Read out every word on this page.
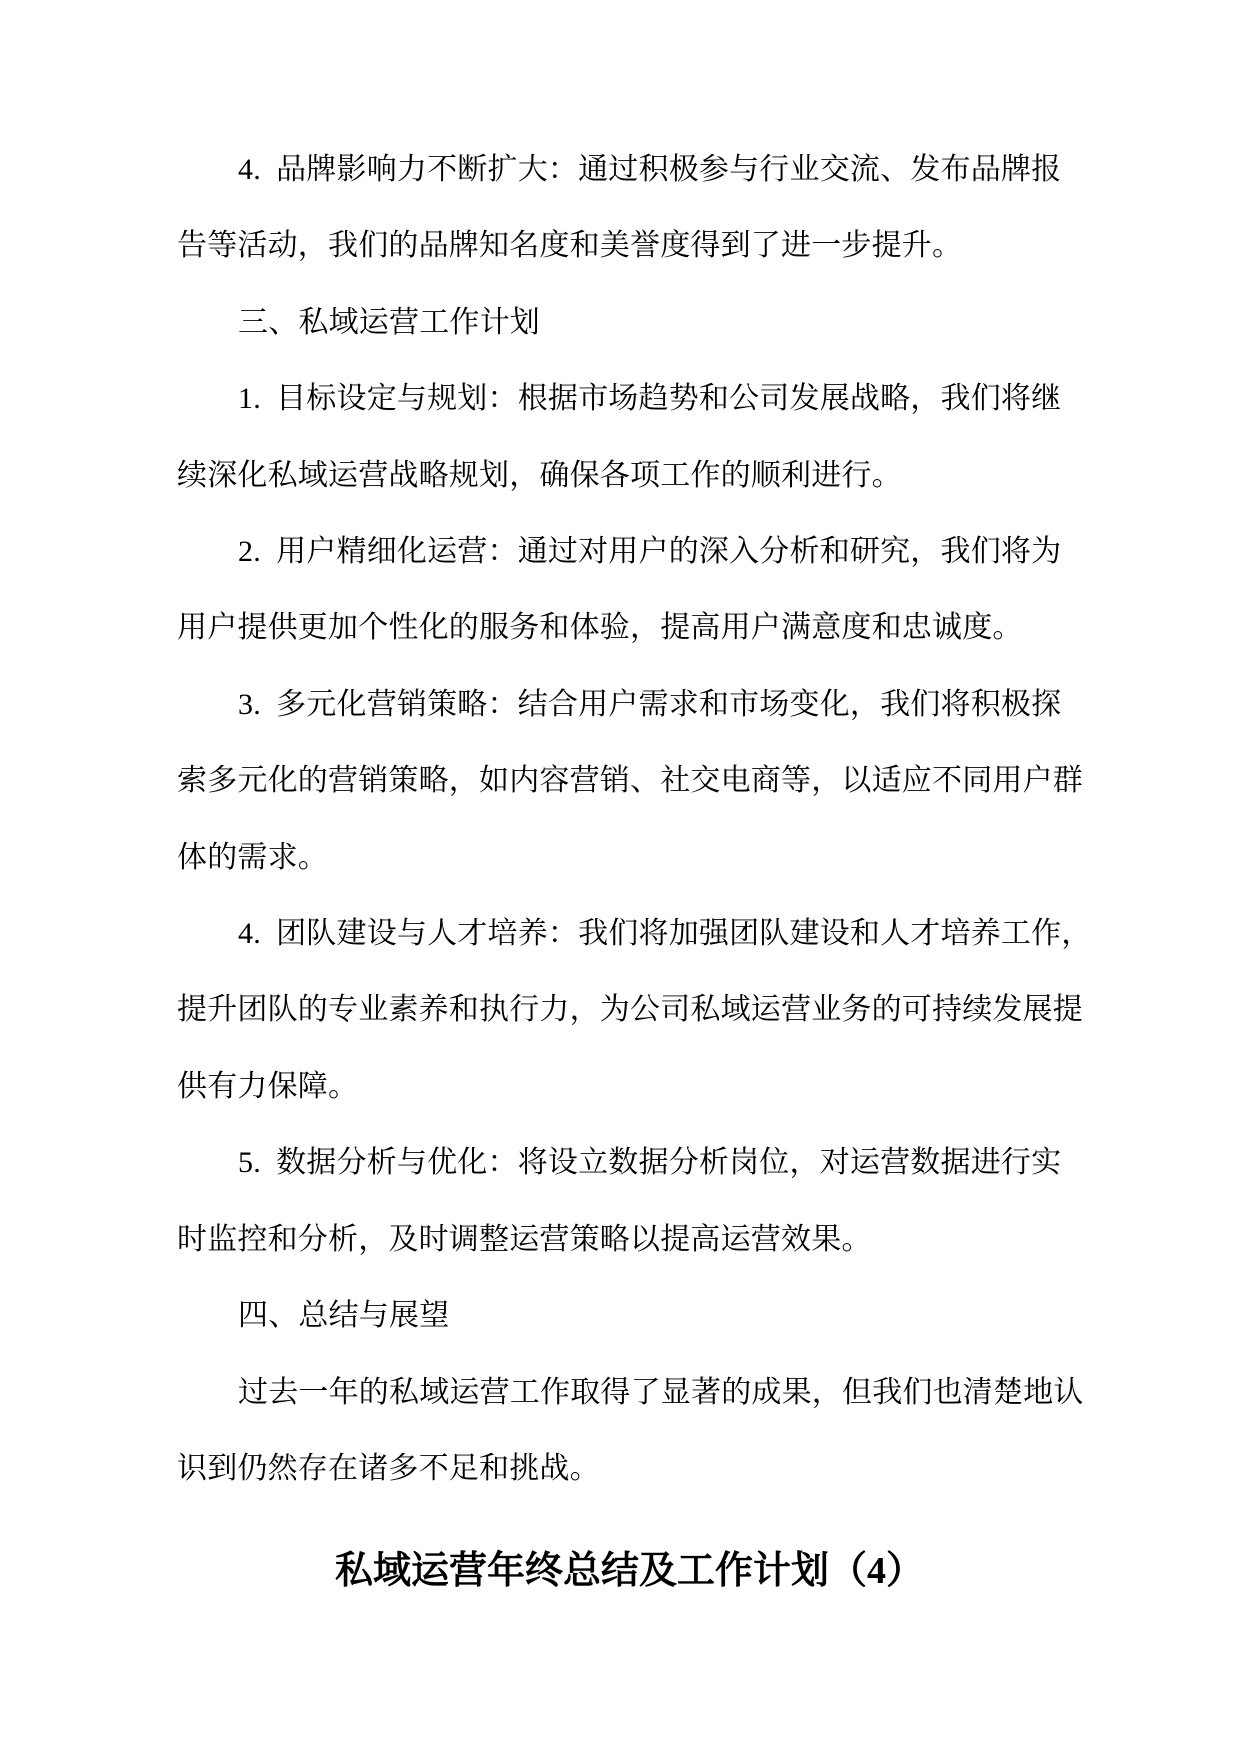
4. 品牌影响力不断扩大：通过积极参与行业交流、发布品牌报

告等活动，我们的品牌知名度和美誉度得到了进一步提升。

三、私域运营工作计划

1. 目标设定与规划：根据市场趋势和公司发展战略，我们将继

续深化私域运营战略规划，确保各项工作的顺利进行。

2. 用户精细化运营：通过对用户的深入分析和研究，我们将为

用户提供更加个性化的服务和体验，提高用户满意度和忠诚度。

3. 多元化营销策略：结合用户需求和市场变化，我们将积极探

索多元化的营销策略，如内容营销、社交电商等，以适应不同用户群

体的需求。

4. 团队建设与人才培养：我们将加强团队建设和人才培养工作，

提升团队的专业素养和执行力，为公司私域运营业务的可持续发展提

供有力保障。

5. 数据分析与优化：将设立数据分析岗位，对运营数据进行实

时监控和分析，及时调整运营策略以提高运营效果。

四、总结与展望

过去一年的私域运营工作取得了显著的成果，但我们也清楚地认

识到仍然存在诸多不足和挑战。

私域运营年终总结及工作计划（4）
